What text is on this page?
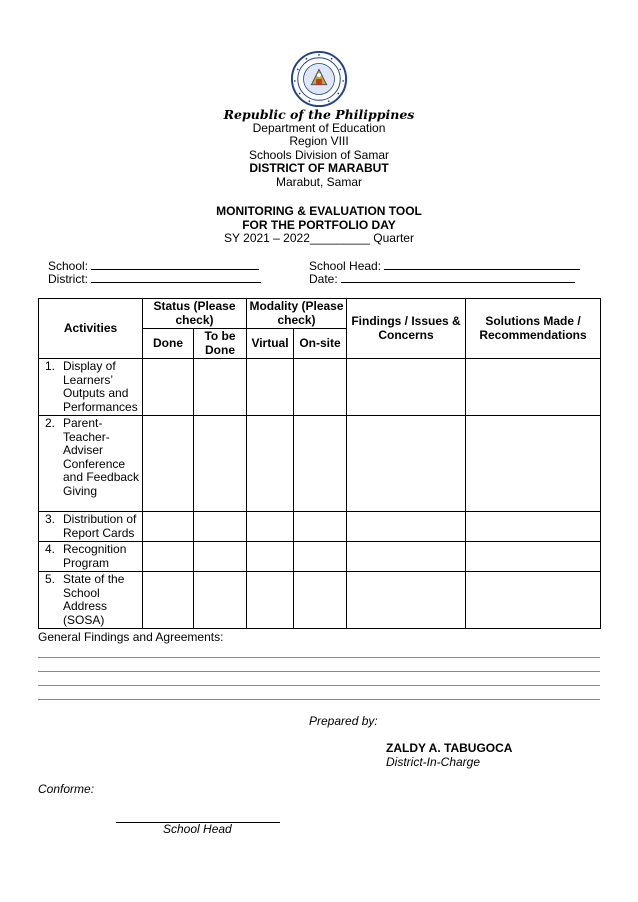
Republic of the Philippines
Department of Education
Region VIII
Schools Division of Samar
DISTRICT OF MARABUT
Marabut, Samar
MONITORING & EVALUATION TOOL
FOR THE PORTFOLIO DAY
SY 2021 – 2022_________ Quarter
School:
District:
School Head:
Date:
Activities	Status (Please check)		Modality (Please check)		Findings / Issues & Concerns	Solutions Made / Recommendations
	Done	To be Done	Virtual	On-site		

1. Display of Learners’ Outputs and Performances						

2. Parent-Teacher-Adviser Conference and Feedback Giving						

3. Distribution of Report Cards						

4. Recognition Program						

5. State of the School Address (SOSA)						

General Findings and Agreements:
Prepared by:
ZALDY A. TABUGOCA
District-In-Charge
Conforme:
School Head
